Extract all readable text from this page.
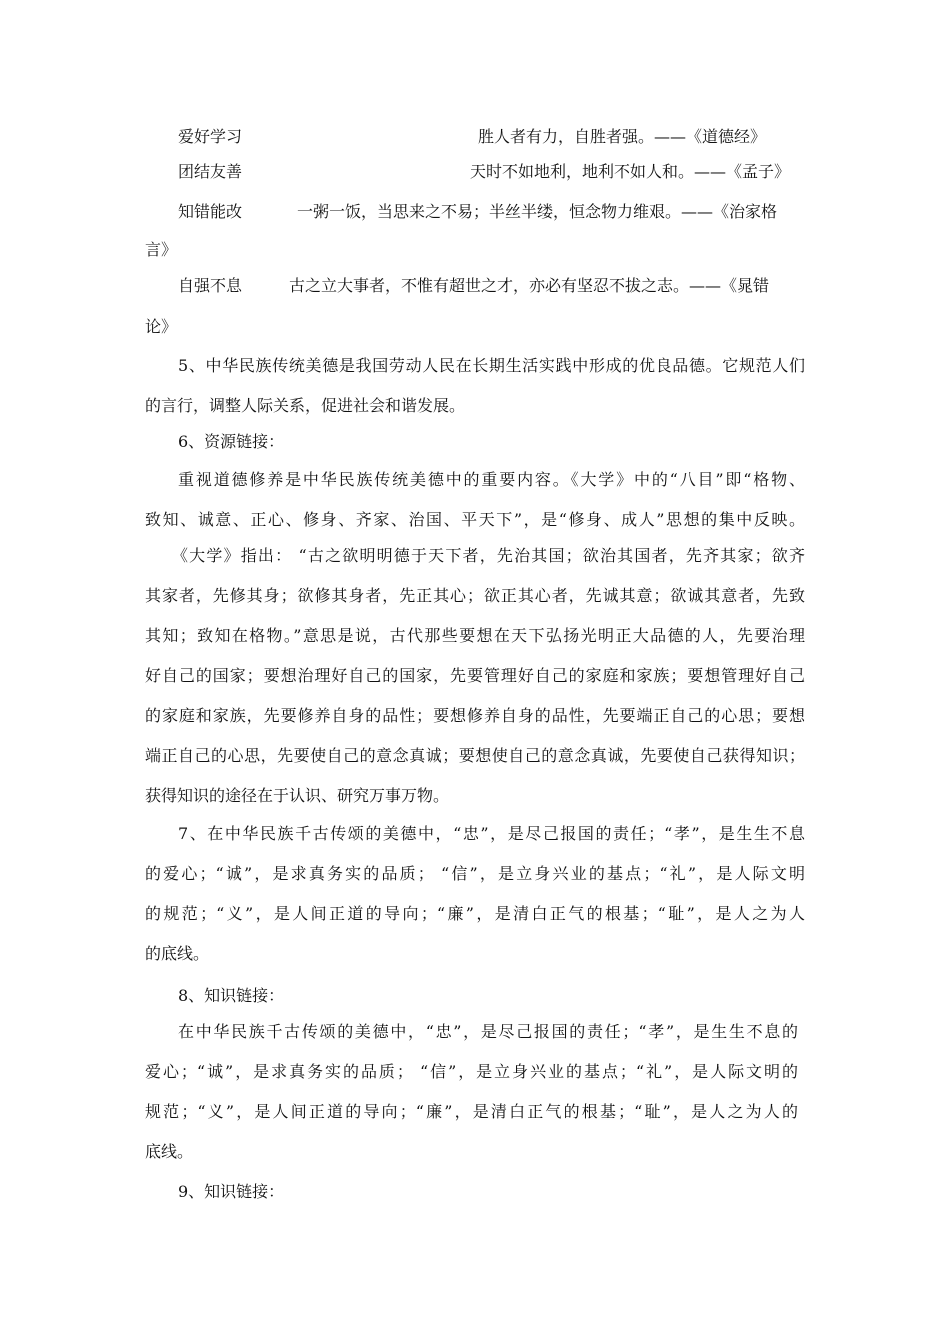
爱好学习	胜人者有力，自胜者强。——《道德经》
团结友善	天时不如地利，地利不如人和。——《孟子》
知错能改	一粥一饭，当思来之不易；半丝半缕，恒念物力维艰。——《治家格
言》
自强不息	古之立大事者，不惟有超世之才，亦必有坚忍不拔之志。——《晁错
论》
5、中华民族传统美德是我国劳动人民在长期生活实践中形成的优良品德。它规范人们
的言行，调整人际关系，促进社会和谐发展。
6、资源链接：
重视道德修养是中华民族传统美德中的重要内容。《大学》中的“八目”即“格物、
致知、诚意、正心、修身、齐家、治国、平天下”，是“修身、成人”思想的集中反映。
《大学》指出： “古之欲明明德于天下者，先治其国；欲治其国者，先齐其家；欲齐
其家者，先修其身；欲修其身者，先正其心；欲正其心者，先诚其意；欲诚其意者，先致
其知；致知在格物。”意思是说，古代那些要想在天下弘扬光明正大品德的人，先要治理
好自己的国家；要想治理好自己的国家，先要管理好自己的家庭和家族；要想管理好自己
的家庭和家族，先要修养自身的品性；要想修养自身的品性，先要端正自己的心思；要想
端正自己的心思，先要使自己的意念真诚；要想使自己的意念真诚，先要使自己获得知识；
获得知识的途径在于认识、研究万事万物。
7、在中华民族千古传颂的美德中，“忠”，是尽己报国的责任；“孝”，是生生不息
的爱心；“诚”，是求真务实的品质； “信”，是立身兴业的基点；“礼”，是人际文明
的规范；“义”，是人间正道的导向；“廉”，是清白正气的根基；“耻”，是人之为人
的底线。
8、知识链接：
在中华民族千古传颂的美德中，“忠”，是尽己报国的责任；“孝”，是生生不息的
爱心；“诚”，是求真务实的品质； “信”，是立身兴业的基点；“礼”，是人际文明的
规范；“义”，是人间正道的导向；“廉”，是清白正气的根基；“耻”，是人之为人的
底线。
9、知识链接：
